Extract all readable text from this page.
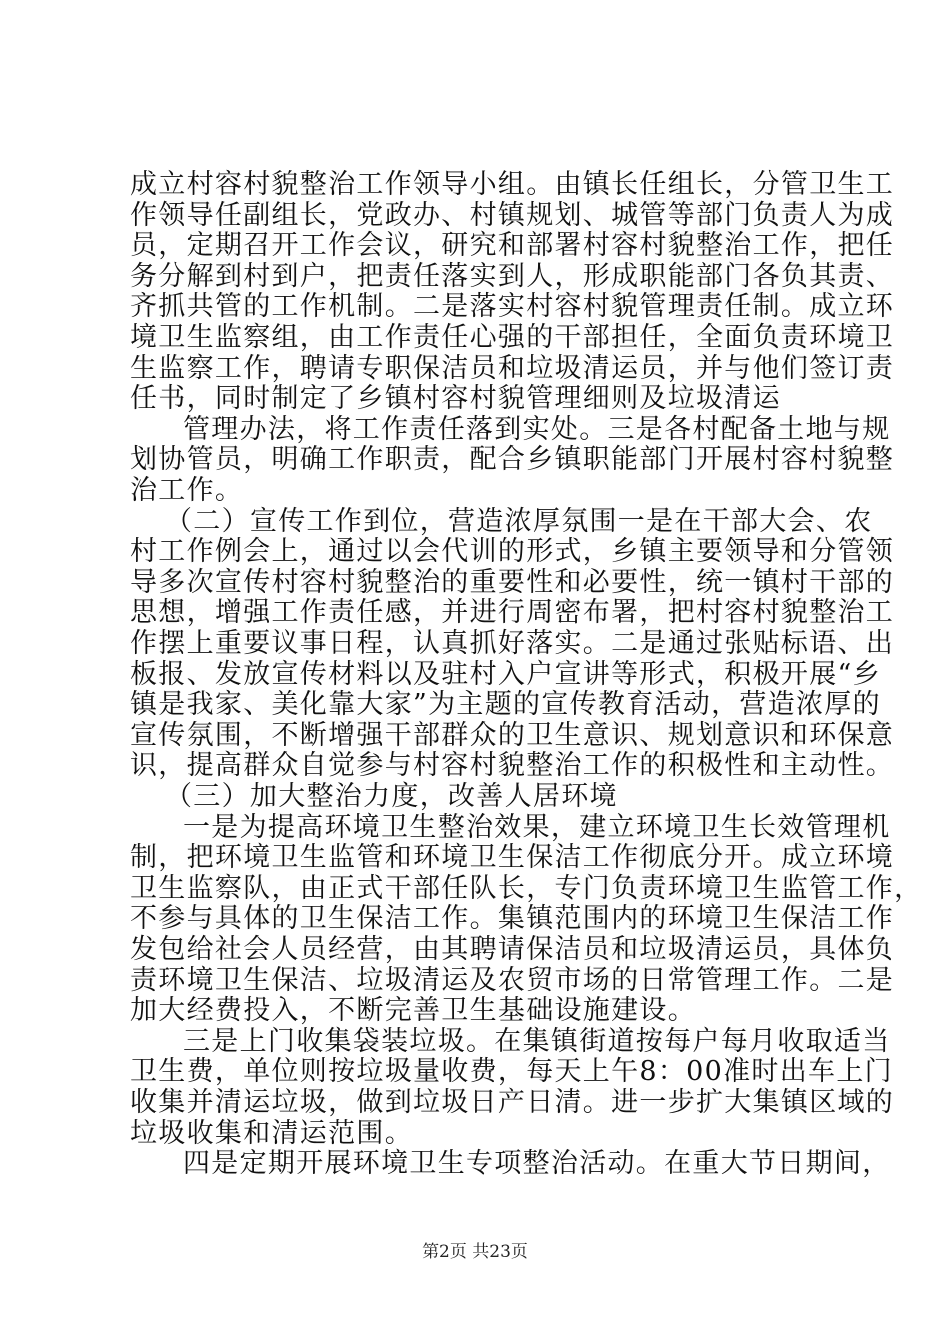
成立村容村貌整治工作领导小组。由镇长任组长，分管卫生工
作领导任副组长，党政办、村镇规划、城管等部门负责人为成
员，定期召开工作会议，研究和部署村容村貌整治工作，把任
务分解到村到户，把责任落实到人，形成职能部门各负其责、
齐抓共管的工作机制。二是落实村容村貌管理责任制。成立环
境卫生监察组，由工作责任心强的干部担任，全面负责环境卫
生监察工作，聘请专职保洁员和垃圾清运员，并与他们签订责
任书，同时制定了乡镇村容村貌管理细则及垃圾清运
管理办法，将工作责任落到实处。三是各村配备土地与规
划协管员，明确工作职责，配合乡镇职能部门开展村容村貌整
治工作。
（二）宣传工作到位，营造浓厚氛围一是在干部大会、农
村工作例会上，通过以会代训的形式，乡镇主要领导和分管领
导多次宣传村容村貌整治的重要性和必要性，统一镇村干部的
思想，增强工作责任感，并进行周密布署，把村容村貌整治工
作摆上重要议事日程，认真抓好落实。二是通过张贴标语、出
板报、发放宣传材料以及驻村入户宣讲等形式，积极开展“乡
镇是我家、美化靠大家”为主题的宣传教育活动，营造浓厚的
宣传氛围，不断增强干部群众的卫生意识、规划意识和环保意
识，提高群众自觉参与村容村貌整治工作的积极性和主动性。
（三）加大整治力度，改善人居环境
一是为提高环境卫生整治效果，建立环境卫生长效管理机
制，把环境卫生监管和环境卫生保洁工作彻底分开。成立环境
卫生监察队，由正式干部任队长，专门负责环境卫生监管工作，
不参与具体的卫生保洁工作。集镇范围内的环境卫生保洁工作
发包给社会人员经营，由其聘请保洁员和垃圾清运员，具体负
责环境卫生保洁、垃圾清运及农贸市场的日常管理工作。二是
加大经费投入，不断完善卫生基础设施建设。
三是上门收集袋装垃圾。在集镇街道按每户每月收取适当
卫生费，单位则按垃圾量收费，每天上午8：00准时出车上门
收集并清运垃圾，做到垃圾日产日清。进一步扩大集镇区域的
垃圾收集和清运范围。
四是定期开展环境卫生专项整治活动。在重大节日期间，
第2页 共23页
